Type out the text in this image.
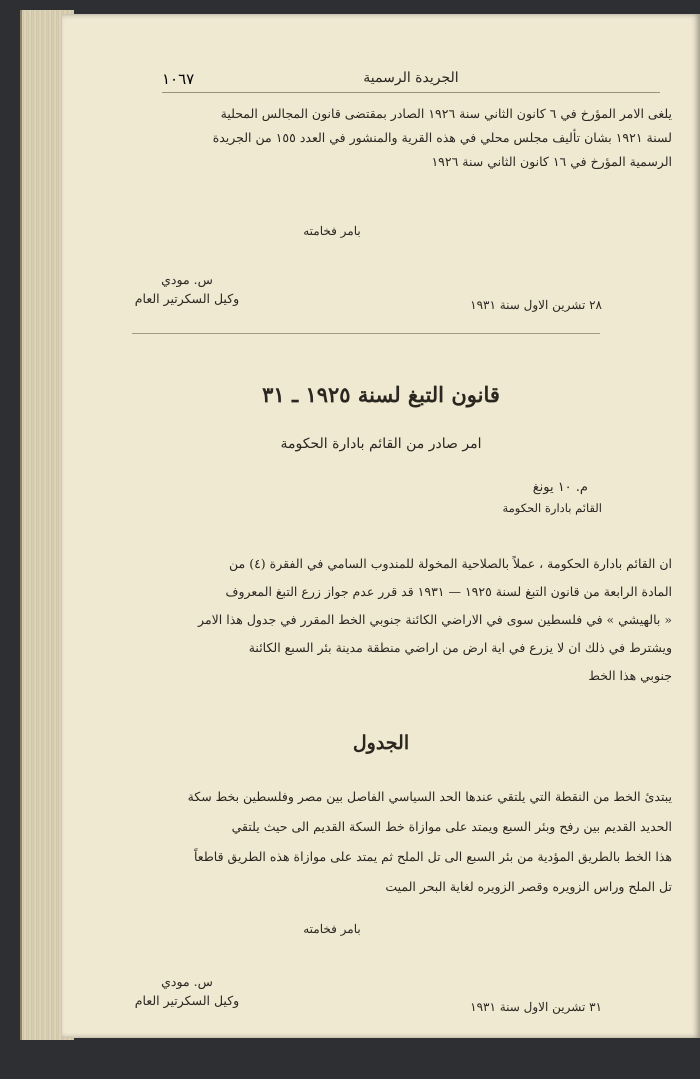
١٠٦٧	الجريدة الرسمية

يلغى الامر المؤرخ في ٦ كانون الثاني سنة ١٩٢٦ الصادر بمقتضى قانون المجالس المحلية

لسنة ١٩٢١ بشان تأليف مجلس محلي في هذه القرية والمنشور في العدد ١٥٥ من الجريدة

الرسمية المؤرخ في ١٦ كانون الثاني سنة ١٩٢٦

بامر فخامته
س. مودي
وكيل السكرتير العام	٢٨ تشرين الاول سنة ١٩٣١
قانون التبغ لسنة ١٩٢٥ ـ ٣١
امر صادر من القائم بادارة الحكومة
م. ١٠ يونغ
القائم بادارة الحكومة

ان القائم بادارة الحكومة ، عملاً بالصلاحية المخولة للمندوب السامي في الفقرة (٤) من

المادة الرابعة من قانون التبغ لسنة ١٩٢٥ — ١٩٣١ قد قرر عدم جواز زرع التبغ المعروف

« بالهيشي » في فلسطين سوى في الاراضي الكائنة جنوبي الخط المقرر في جدول هذا الامر

ويشترط في ذلك ان لا يزرع في اية ارض من اراضي منطقة مدينة بئر السبع الكائنة

جنوبي هذا الخط

الجدول

يبتدئ الخط من النقطة التي يلتقي عندها الحد السياسي الفاصل بين مصر وفلسطين بخط سكة

الحديد القديم بين رفح وبئر السبع ويمتد على موازاة خط السكة القديم الى حيث يلتقي

هذا الخط بالطريق المؤدية من بئر السبع الى تل الملح ثم يمتد على موازاة هذه الطريق قاطعاً

تل الملح وراس الزويره وقصر الزويره لغاية البحر الميت

بامر فخامته
س. مودي
وكيل السكرتير العام	٣١ تشرين الاول سنة ١٩٣١
